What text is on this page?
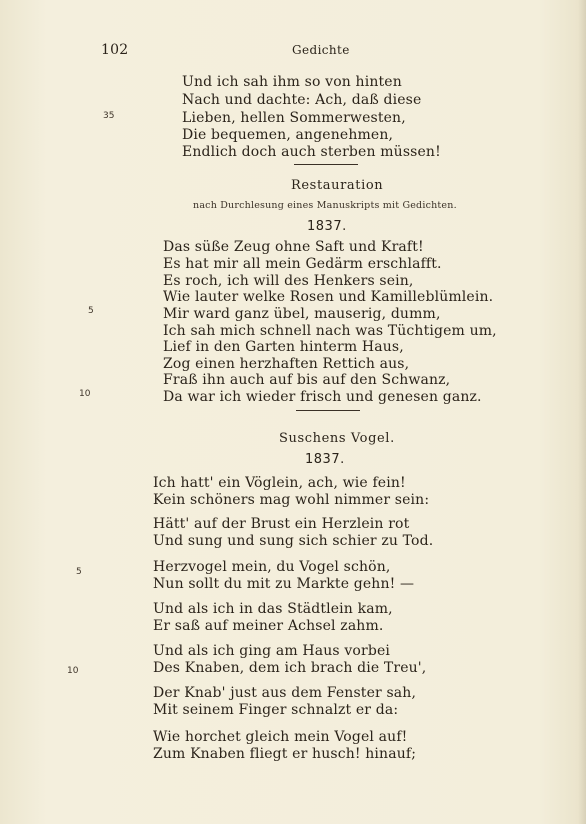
102	Gedichte
35
Und ich sah ihm so von hinten
Nach und dachte: Ach, daß diese
Lieben, hellen Sommerwesten,
Die bequemen, angenehmen,
Endlich doch auch sterben müssen!
Restauration
nach Durchlesung eines Manuskripts mit Gedichten.
1837.
5
10
Das süße Zeug ohne Saft und Kraft!
Es hat mir all mein Gedärm erschlafft.
Es roch, ich will des Henkers sein,
Wie lauter welke Rosen und Kamilleblümlein.
Mir ward ganz übel, mauserig, dumm,
Ich sah mich schnell nach was Tüchtigem um,
Lief in den Garten hinterm Haus,
Zog einen herzhaften Rettich aus,
Fraß ihn auch auf bis auf den Schwanz,
Da war ich wieder frisch und genesen ganz.
Suschens Vogel.
1837.
5
10
Ich hatt' ein Vöglein, ach, wie fein!
Kein schöners mag wohl nimmer sein:
Hätt' auf der Brust ein Herzlein rot
Und sung und sung sich schier zu Tod.
Herzvogel mein, du Vogel schön,
Nun sollt du mit zu Markte gehn! —
Und als ich in das Städtlein kam,
Er saß auf meiner Achsel zahm.
Und als ich ging am Haus vorbei
Des Knaben, dem ich brach die Treu',
Der Knab' just aus dem Fenster sah,
Mit seinem Finger schnalzt er da:
Wie horchet gleich mein Vogel auf!
Zum Knaben fliegt er husch! hinauf;
